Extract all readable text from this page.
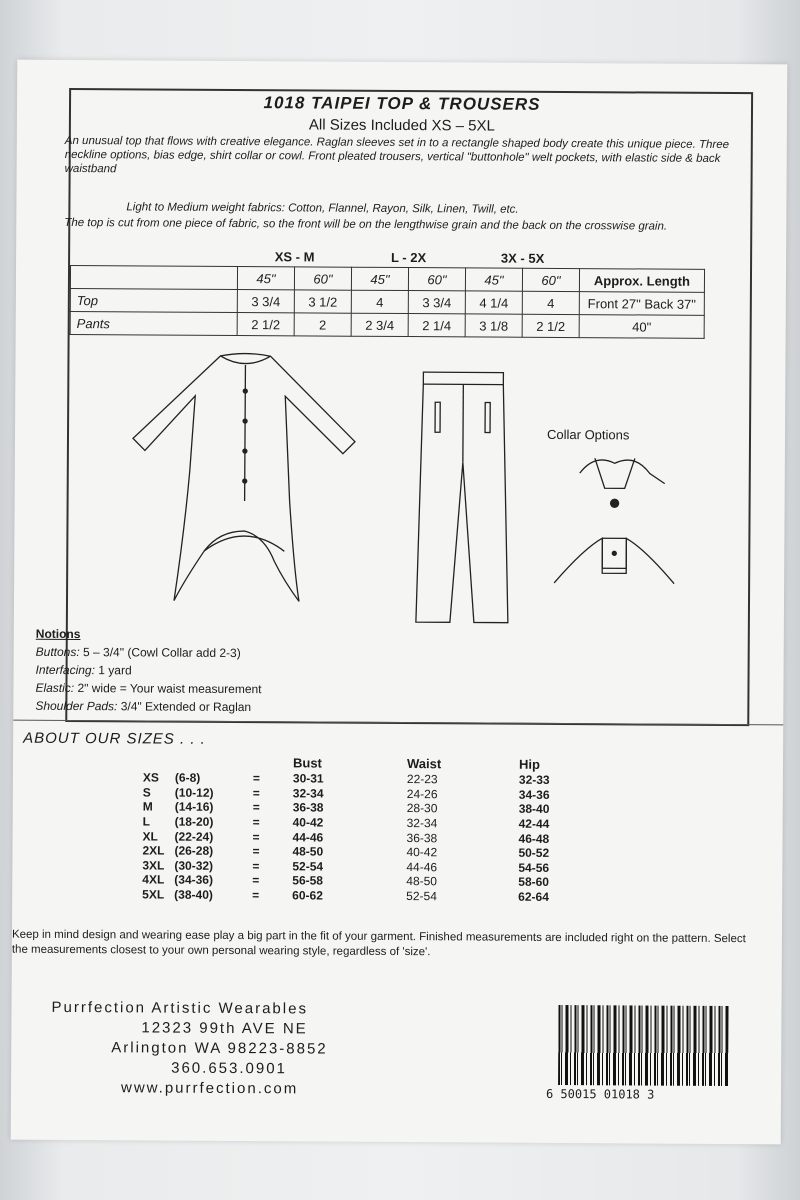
1018 TAIPEI TOP & TROUSERS
All Sizes Included XS – 5XL
An unusual top that flows with creative elegance. Raglan sleeves set in to a rectangle shaped body create this unique piece. Three neckline options, bias edge, shirt collar or cowl. Front pleated trousers, vertical "buttonhole" welt pockets, with elastic side & back waistband
Light to Medium weight fabrics: Cotton, Flannel, Rayon, Silk, Linen, Twill, etc.
The top is cut from one piece of fabric, so the front will be on the lengthwise grain and the back on the crosswise grain.
	XS - M		L - 2X		3X - 5X		
	45"	60"	45"	60"	45"	60"	Approx. Length
Top	3 3/4	3 1/2	4	3 3/4	4 1/4	4	Front 27" Back 37"
Pants	2 1/2	2	2 3/4	2 1/4	3 1/8	2 1/2	40"
Collar Options
Notions
Buttons: 5 – 3/4" (Cowl Collar add 2-3)
Interfacing: 1 yard
Elastic: 2" wide = Your waist measurement
Shoulder Pads: 3/4" Extended or Raglan
ABOUT OUR SIZES . . .
			Bust	Waist	Hip
XS	(6-8)	=	30-31	22-23	32-33
S	(10-12)	=	32-34	24-26	34-36
M	(14-16)	=	36-38	28-30	38-40
L	(18-20)	=	40-42	32-34	42-44
XL	(22-24)	=	44-46	36-38	46-48
2XL	(26-28)	=	48-50	40-42	50-52
3XL	(30-32)	=	52-54	44-46	54-56
4XL	(34-36)	=	56-58	48-50	58-60
5XL	(38-40)	=	60-62	52-54	62-64
Keep in mind design and wearing ease play a big part in the fit of your garment. Finished measurements are included right on the pattern. Select the measurements closest to your own personal wearing style, regardless of 'size'.
Purrfection Artistic Wearables
12323 99th AVE NE
Arlington WA 98223-8852
360.653.0901
www.purrfection.com	6 50015 01018 3
